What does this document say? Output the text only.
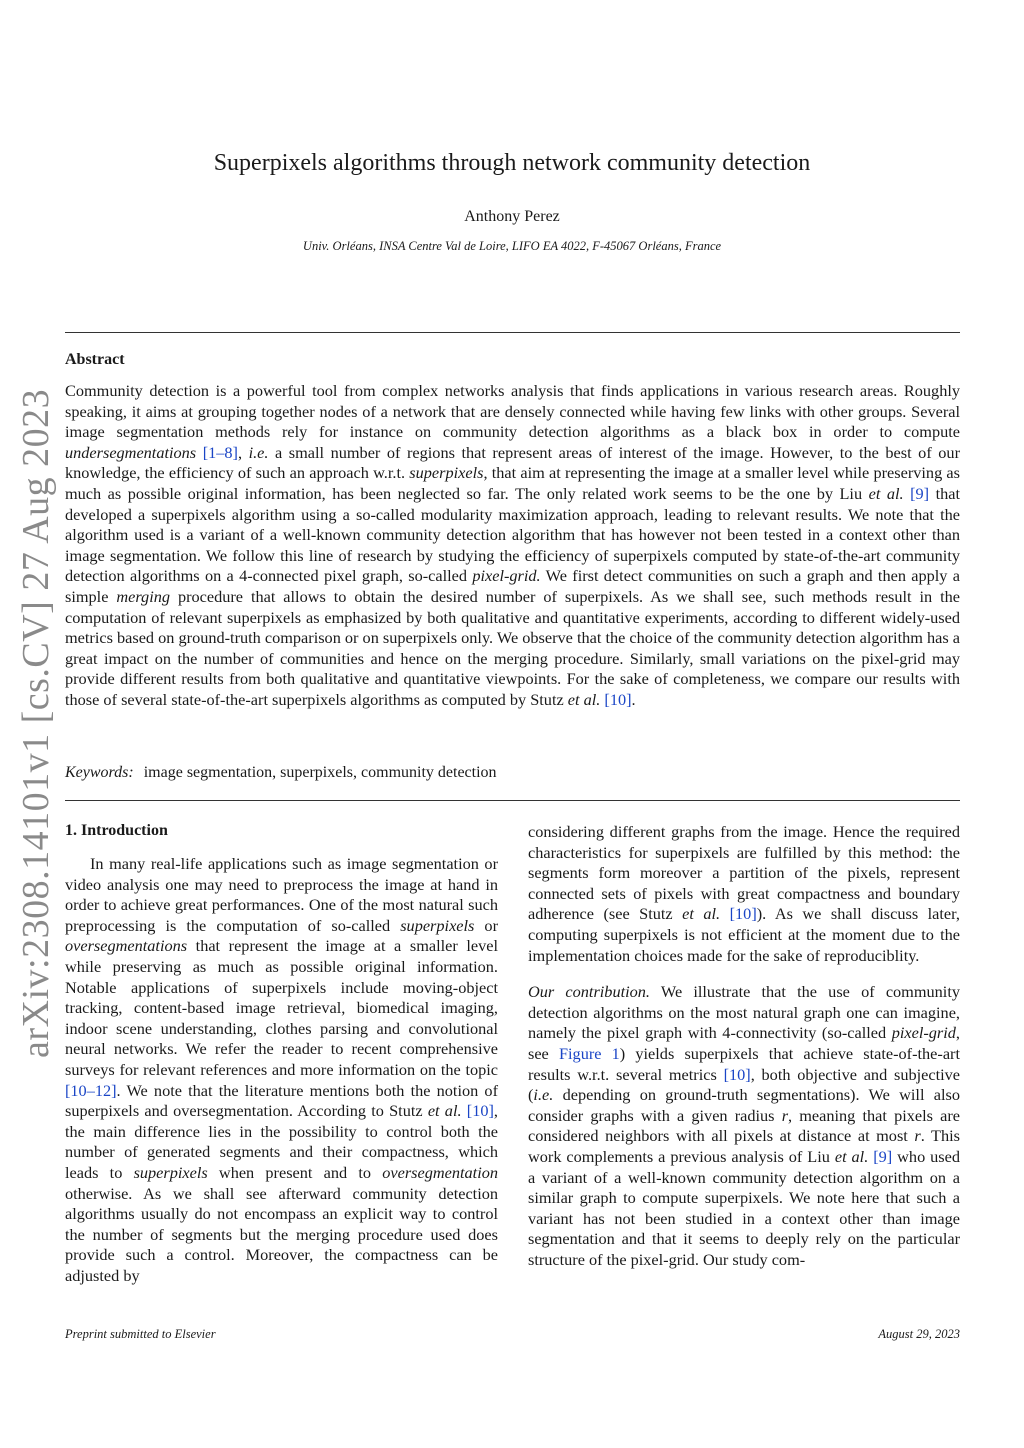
arXiv:2308.14101v1 [cs.CV] 27 Aug 2023
Superpixels algorithms through network community detection
Anthony Perez
Univ. Orléans, INSA Centre Val de Loire, LIFO EA 4022, F-45067 Orléans, France
Abstract

Community detection is a powerful tool from complex networks analysis that finds applications in various research areas. Roughly speaking, it aims at grouping together nodes of a network that are densely connected while having few links with other groups. Several image segmentation methods rely for instance on community detection algorithms as a black box in order to compute undersegmentations [1–8], i.e. a small number of regions that represent areas of interest of the image. However, to the best of our knowledge, the efficiency of such an approach w.r.t. superpixels, that aim at representing the image at a smaller level while preserving as much as possible original information, has been neglected so far. The only related work seems to be the one by Liu et al. [9] that developed a superpixels algorithm using a so-called modularity maximization approach, leading to relevant results. We note that the algorithm used is a variant of a well-known community detection algorithm that has however not been tested in a context other than image segmentation. We follow this line of research by studying the efficiency of superpixels computed by state-of-the-art community detection algorithms on a 4-connected pixel graph, so-called pixel-grid. We first detect communities on such a graph and then apply a simple merging procedure that allows to obtain the desired number of superpixels. As we shall see, such methods result in the computation of relevant superpixels as emphasized by both qualitative and quantitative experiments, according to different widely-used metrics based on ground-truth comparison or on superpixels only. We observe that the choice of the community detection algorithm has a great impact on the number of communities and hence on the merging procedure. Similarly, small variations on the pixel-grid may provide different results from both qualitative and quantitative viewpoints. For the sake of completeness, we compare our results with those of several state-of-the-art superpixels algorithms as computed by Stutz et al. [10].

Keywords: image segmentation, superpixels, community detection
1. Introduction

In many real-life applications such as image segmentation or video analysis one may need to preprocess the image at hand in order to achieve great performances. One of the most natural such preprocessing is the computation of so-called superpixels or oversegmentations that represent the image at a smaller level while preserving as much as possible original information. Notable applications of superpixels include moving-object tracking, content-based image retrieval, biomedical imaging, indoor scene understanding, clothes parsing and convolutional neural networks. We refer the reader to recent comprehensive surveys for relevant references and more information on the topic [10–12]. We note that the literature mentions both the notion of superpixels and oversegmentation. According to Stutz et al. [10], the main difference lies in the possibility to control both the number of generated segments and their compactness, which leads to superpixels when present and to oversegmentation otherwise. As we shall see afterward community detection algorithms usually do not encompass an explicit way to control the number of segments but the merging procedure used does provide such a control. Moreover, the compactness can be adjusted by

considering different graphs from the image. Hence the required characteristics for superpixels are fulfilled by this method: the segments form moreover a partition of the pixels, represent connected sets of pixels with great compactness and boundary adherence (see Stutz et al. [10]). As we shall discuss later, computing superpixels is not efficient at the moment due to the implementation choices made for the sake of reproduciblity.

Our contribution. We illustrate that the use of community detection algorithms on the most natural graph one can imagine, namely the pixel graph with 4-connectivity (so-called pixel-grid, see Figure 1) yields superpixels that achieve state-of-the-art results w.r.t. several metrics [10], both objective and subjective (i.e. depending on ground-truth segmentations). We will also consider graphs with a given radius r, meaning that pixels are considered neighbors with all pixels at distance at most r. This work complements a previous analysis of Liu et al. [9] who used a variant of a well-known community detection algorithm on a similar graph to compute superpixels. We note here that such a variant has not been studied in a context other than image segmentation and that it seems to deeply rely on the particular structure of the pixel-grid. Our study com-

Preprint submitted to Elsevier	August 29, 2023
